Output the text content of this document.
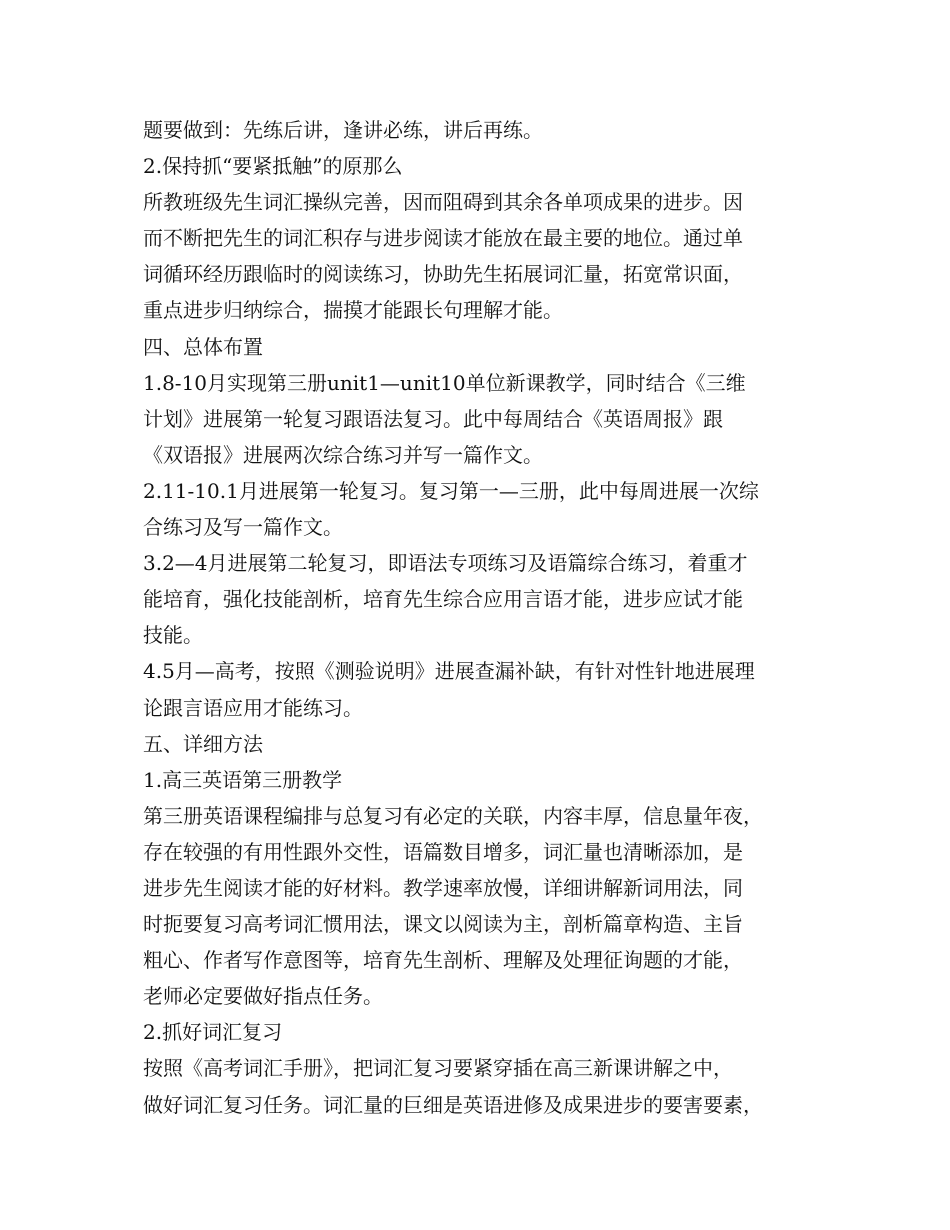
题要做到：先练后讲，逢讲必练，讲后再练。
2.保持抓“要紧抵触”的原那么
所教班级先生词汇操纵完善，因而阻碍到其余各单项成果的进步。因
而不断把先生的词汇积存与进步阅读才能放在最主要的地位。通过单
词循环经历跟临时的阅读练习，协助先生拓展词汇量，拓宽常识面，
重点进步归纳综合，揣摸才能跟长句理解才能。
四、总体布置
1.8-10月实现第三册unit1—unit10单位新课教学，同时结合《三维
计划》进展第一轮复习跟语法复习。此中每周结合《英语周报》跟
《双语报》进展两次综合练习并写一篇作文。
2.11-10.1月进展第一轮复习。复习第一—三册，此中每周进展一次综
合练习及写一篇作文。
3.2—4月进展第二轮复习，即语法专项练习及语篇综合练习，着重才
能培育，强化技能剖析，培育先生综合应用言语才能，进步应试才能
技能。
4.5月—高考，按照《测验说明》进展查漏补缺，有针对性针地进展理
论跟言语应用才能练习。
五、详细方法
1.高三英语第三册教学
第三册英语课程编排与总复习有必定的关联，内容丰厚，信息量年夜，
存在较强的有用性跟外交性，语篇数目增多，词汇量也清晰添加，是
进步先生阅读才能的好材料。教学速率放慢，详细讲解新词用法，同
时扼要复习高考词汇惯用法，课文以阅读为主，剖析篇章构造、主旨
粗心、作者写作意图等，培育先生剖析、理解及处理征询题的才能，
老师必定要做好指点任务。
2.抓好词汇复习
按照《高考词汇手册》，把词汇复习要紧穿插在高三新课讲解之中，
做好词汇复习任务。词汇量的巨细是英语进修及成果进步的要害要素，
